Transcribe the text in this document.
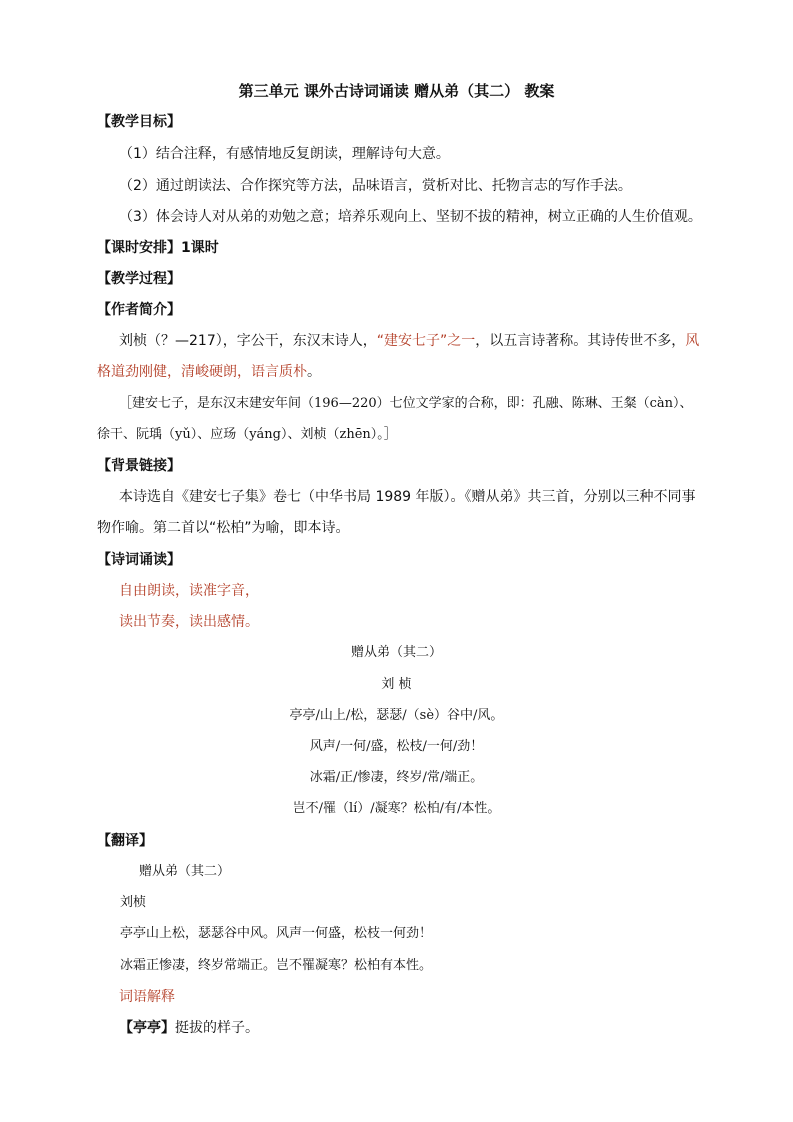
第三单元 课外古诗词诵读 赠从弟（其二） 教案
【教学目标】
（1）结合注释，有感情地反复朗读，理解诗句大意。
（2）通过朗读法、合作探究等方法，品味语言，赏析对比、托物言志的写作手法。
（3）体会诗人对从弟的劝勉之意；培养乐观向上、坚韧不拔的精神，树立正确的人生价值观。
【课时安排】1课时
【教学过程】
【作者简介】
刘桢（？—217），字公干，东汉末诗人，“建安七子”之一，以五言诗著称。其诗传世不多，风
格道劲刚健，清峻硬朗，语言质朴。
［建安七子，是东汉末建安年间（196—220）七位文学家的合称，即：孔融、陈琳、王粲（càn）、
徐干、阮瑀（yǔ）、应玚（yáng）、刘桢（zhēn）。］
【背景链接】
本诗选自《建安七子集》卷七（中华书局 1989 年版）。《赠从弟》共三首，分别以三种不同事
物作喻。第二首以“松柏”为喻，即本诗。
【诗词诵读】
自由朗读，读准字音，
读出节奏，读出感情。
赠从弟（其二）
刘 桢
亭亭/山上/松，瑟瑟/（sè）谷中/风。
风声/一何/盛，松枝/一何/劲！
冰霜/正/惨凄，终岁/常/端正。
岂不/罹（lí）/凝寒？松柏/有/本性。
【翻译】
赠从弟（其二）
刘桢
亭亭山上松，瑟瑟谷中风。风声一何盛，松枝一何劲！
冰霜正惨凄，终岁常端正。岂不罹凝寒？松柏有本性。
词语解释
【亭亭】挺拔的样子。
